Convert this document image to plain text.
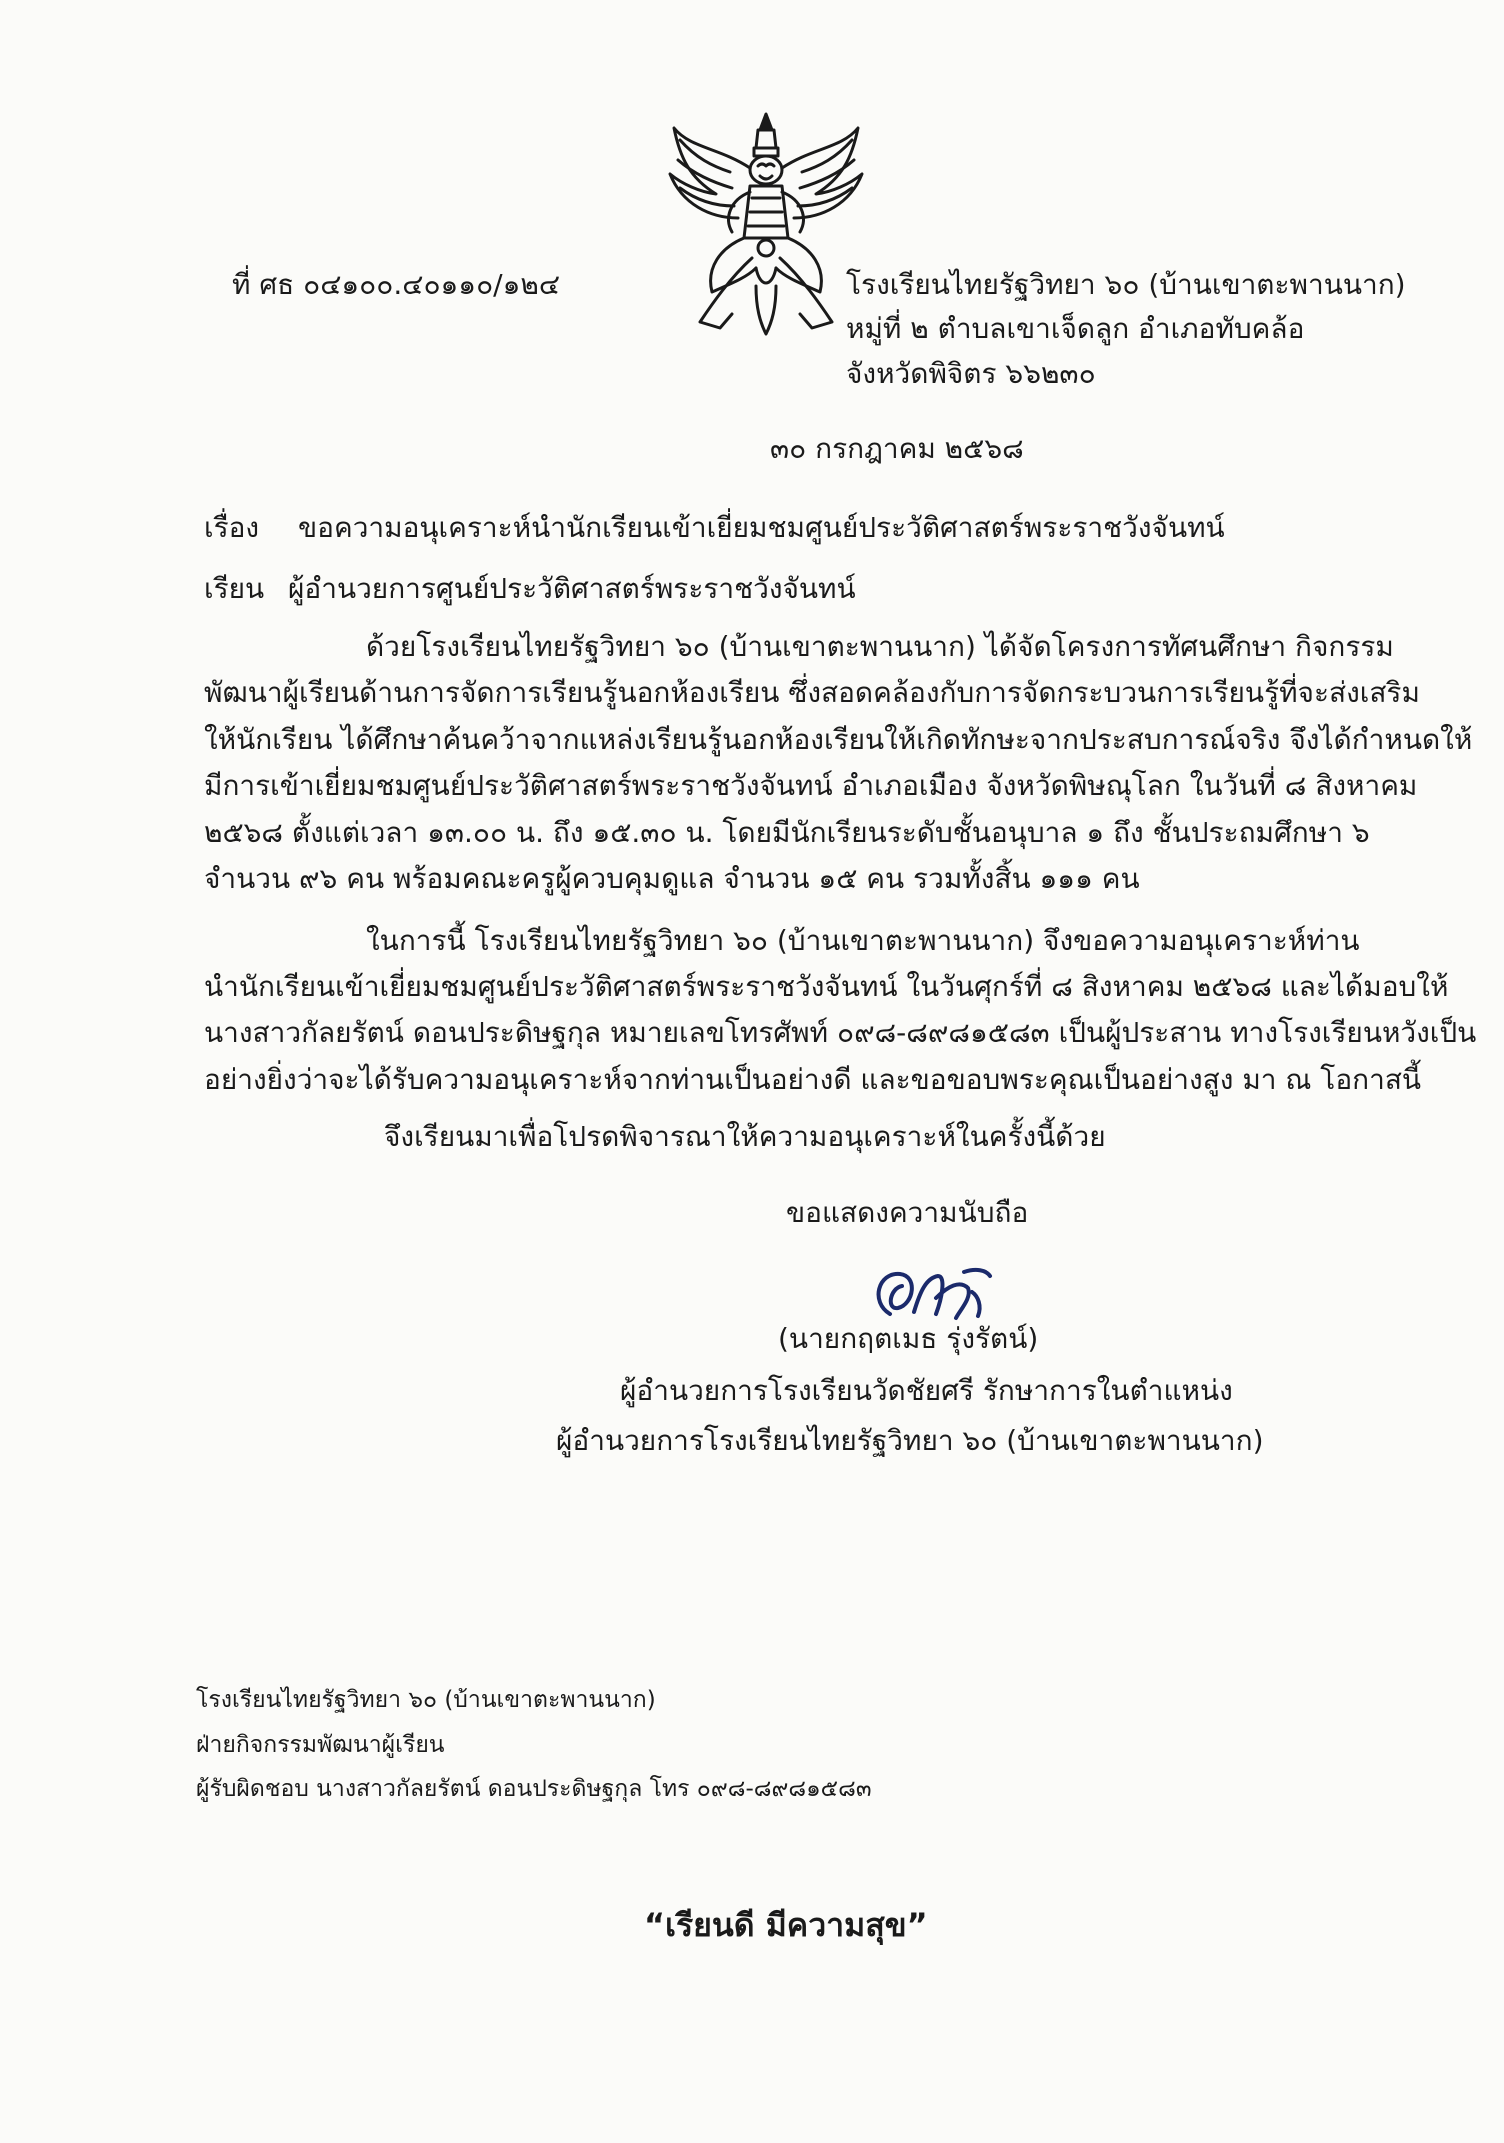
ที่ ศธ ๐๔๑๐๐.๔๐๑๑๐/๑๒๔	โรงเรียนไทยรัฐวิทยา ๖๐ (บ้านเขาตะพานนาก)
หมู่ที่ ๒ ตำบลเขาเจ็ดลูก อำเภอทับคล้อ
จังหวัดพิจิตร ๖๖๒๓๐
๓๐ กรกฎาคม ๒๕๖๘
เรื่อง ขอความอนุเคราะห์นำนักเรียนเข้าเยี่ยมชมศูนย์ประวัติศาสตร์พระราชวังจันทน์
เรียน ผู้อำนวยการศูนย์ประวัติศาสตร์พระราชวังจันทน์
ด้วยโรงเรียนไทยรัฐวิทยา ๖๐ (บ้านเขาตะพานนาก) ได้จัดโครงการทัศนศึกษา กิจกรรม
พัฒนาผู้เรียนด้านการจัดการเรียนรู้นอกห้องเรียน ซึ่งสอดคล้องกับการจัดกระบวนการเรียนรู้ที่จะส่งเสริม
ให้นักเรียน ได้ศึกษาค้นคว้าจากแหล่งเรียนรู้นอกห้องเรียนให้เกิดทักษะจากประสบการณ์จริง จึงได้กำหนดให้
มีการเข้าเยี่ยมชมศูนย์ประวัติศาสตร์พระราชวังจันทน์ อำเภอเมือง จังหวัดพิษณุโลก ในวันที่ ๘ สิงหาคม
๒๕๖๘ ตั้งแต่เวลา ๑๓.๐๐ น. ถึง ๑๕.๓๐ น. โดยมีนักเรียนระดับชั้นอนุบาล ๑ ถึง ชั้นประถมศึกษา ๖
จำนวน ๙๖ คน พร้อมคณะครูผู้ควบคุมดูแล จำนวน ๑๕ คน รวมทั้งสิ้น ๑๑๑ คน
ในการนี้ โรงเรียนไทยรัฐวิทยา ๖๐ (บ้านเขาตะพานนาก) จึงขอความอนุเคราะห์ท่าน
นำนักเรียนเข้าเยี่ยมชมศูนย์ประวัติศาสตร์พระราชวังจันทน์ ในวันศุกร์ที่ ๘ สิงหาคม ๒๕๖๘ และได้มอบให้
นางสาวกัลยรัตน์ ดอนประดิษฐกุล หมายเลขโทรศัพท์ ๐๙๘-๘๙๘๑๕๘๓ เป็นผู้ประสาน ทางโรงเรียนหวังเป็น
อย่างยิ่งว่าจะได้รับความอนุเคราะห์จากท่านเป็นอย่างดี และขอขอบพระคุณเป็นอย่างสูง มา ณ โอกาสนี้
จึงเรียนมาเพื่อโปรดพิจารณาให้ความอนุเคราะห์ในครั้งนี้ด้วย
ขอแสดงความนับถือ
(นายกฤตเมธ รุ่งรัตน์)
ผู้อำนวยการโรงเรียนวัดชัยศรี รักษาการในตำแหน่ง
ผู้อำนวยการโรงเรียนไทยรัฐวิทยา ๖๐ (บ้านเขาตะพานนาก)
โรงเรียนไทยรัฐวิทยา ๖๐ (บ้านเขาตะพานนาก)
ฝ่ายกิจกรรมพัฒนาผู้เรียน
ผู้รับผิดชอบ นางสาวกัลยรัตน์ ดอนประดิษฐกุล โทร ๐๙๘-๘๙๘๑๕๘๓
“เรียนดี มีความสุข”
